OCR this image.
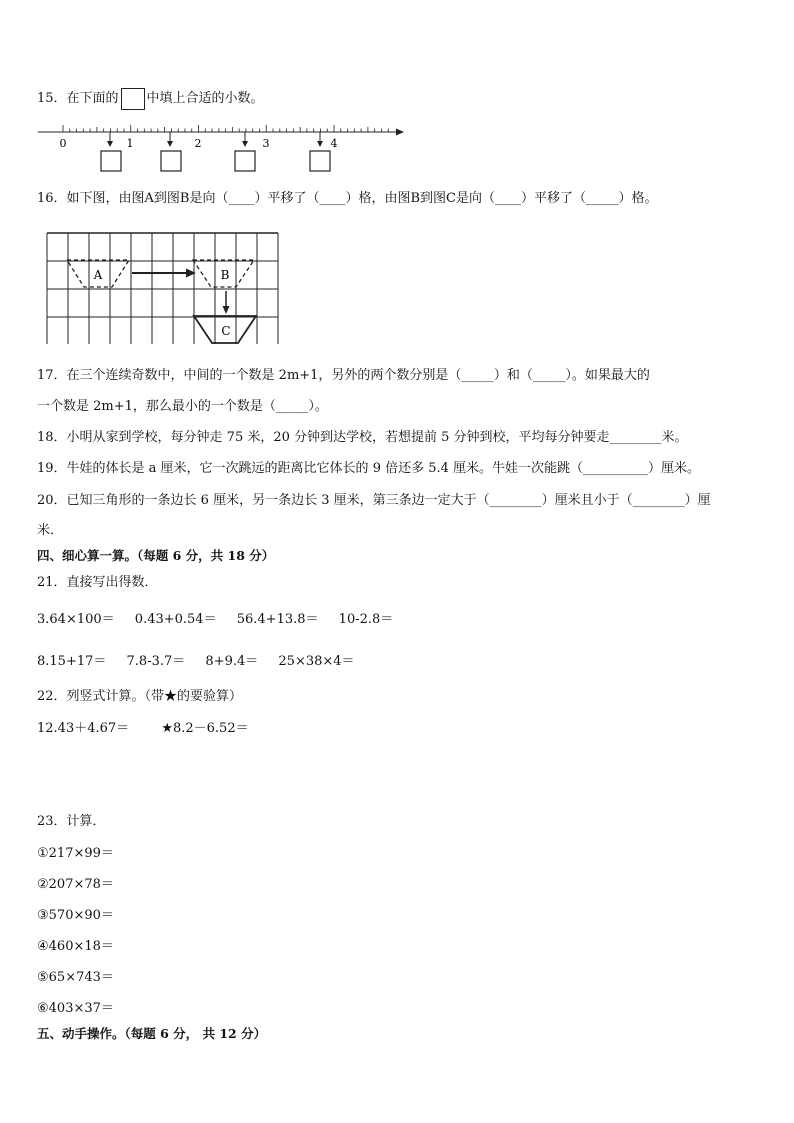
15．在下面的 中填上合适的小数。
0	1	2	3	4
16．如下图，由图A到图B是向（____）平移了（____）格，由图B到图C是向（____）平移了（_____）格。
A	B
C
17．在三个连续奇数中，中间的一个数是 2m+1，另外的两个数分别是（_____）和（_____）。如果最大的
一个数是 2m+1，那么最小的一个数是（_____）。
18．小明从家到学校，每分钟走 75 米，20 分钟到达学校，若想提前 5 分钟到校，平均每分钟要走________米。
19．牛娃的体长是 a 厘米，它一次跳远的距离比它体长的 9 倍还多 5.4 厘米。牛娃一次能跳（__________）厘米。
20．已知三角形的一条边长 6 厘米，另一条边长 3 厘米，第三条边一定大于（________）厘米且小于（________）厘
米．
四、细心算一算。（每题 6 分，共 18 分）
21．直接写出得数．
3.64×100＝ 0.43+0.54＝ 56.4+13.8＝ 10-2.8＝
8.15+17＝ 7.8-3.7＝ 8+9.4＝ 25×38×4＝
22．列竖式计算。（带★的要验算）
12.43＋4.67＝ ★8.2－6.52＝
23．计算．
①217×99＝
②207×78＝
③570×90＝
④460×18＝
⑤65×743＝
⑥403×37＝
五、动手操作。（每题 6 分， 共 12 分）
